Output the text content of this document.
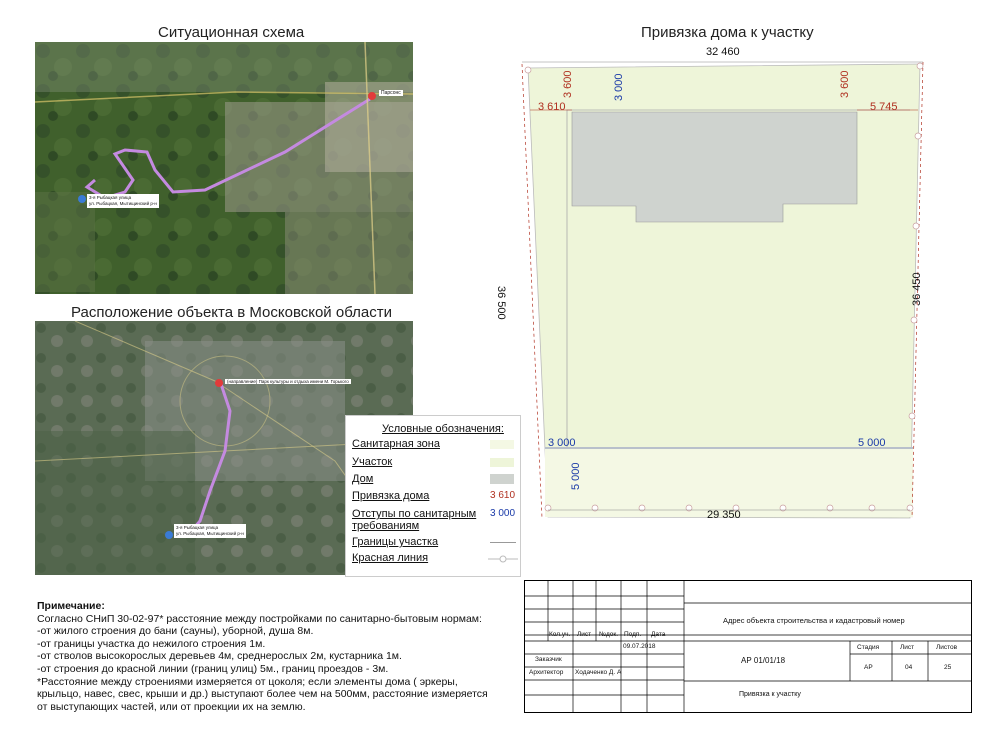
Ситуационная схема
Парсонс
3-я Рыбацкая улица
ул. Рыбацкая, Мытищинский р-н
Расположение объекта в Московской области
(направление) Парк культуры и отдыха имени М. Горького
3-я Рыбацкая улица
ул. Рыбацкая, Мытищинский р-н
Условные обозначения:
Санитарная зона
Участок
Дом
Привязка дома	3 610
Отступы по санитарным
требованиям
3 000
Границы участка
Красная линия
Привязка дома к участку
32 460
29 350
36 500	36 450
3 600	3 600
3 000
3 610	5 745
3 000	5 000
5 000
Примечание:
Согласно СНиП 30-02-97* расстояние между постройками по санитарно-бытовым нормам:
-от жилого строения до бани (сауны), уборной, душа 8м.
-от границы участка до нежилого строения 1м.
-от стволов высокорослых деревьев 4м, среднерослых 2м, кустарника 1м.
-от строения до красной линии (границ улиц) 5м., границ проездов - 3м.
*Расстояние между строениями измеряется от цоколя; если элементы дома ( эркеры,
крыльцо, навес, свес, крыши и др.) выступают более чем на 500мм, расстояние измеряется
от выступающих частей, или от проекции их на землю.
Кол.уч. Лист №док. Подп. Дата
09.07.2018
Заказчик
Архитектор Ходаченко Д. А
Адрес объекта строительства и кадастровый номер
АР 01/01/18
Стадия	Лист	Листов
АР	04	25
Привязка к участку
